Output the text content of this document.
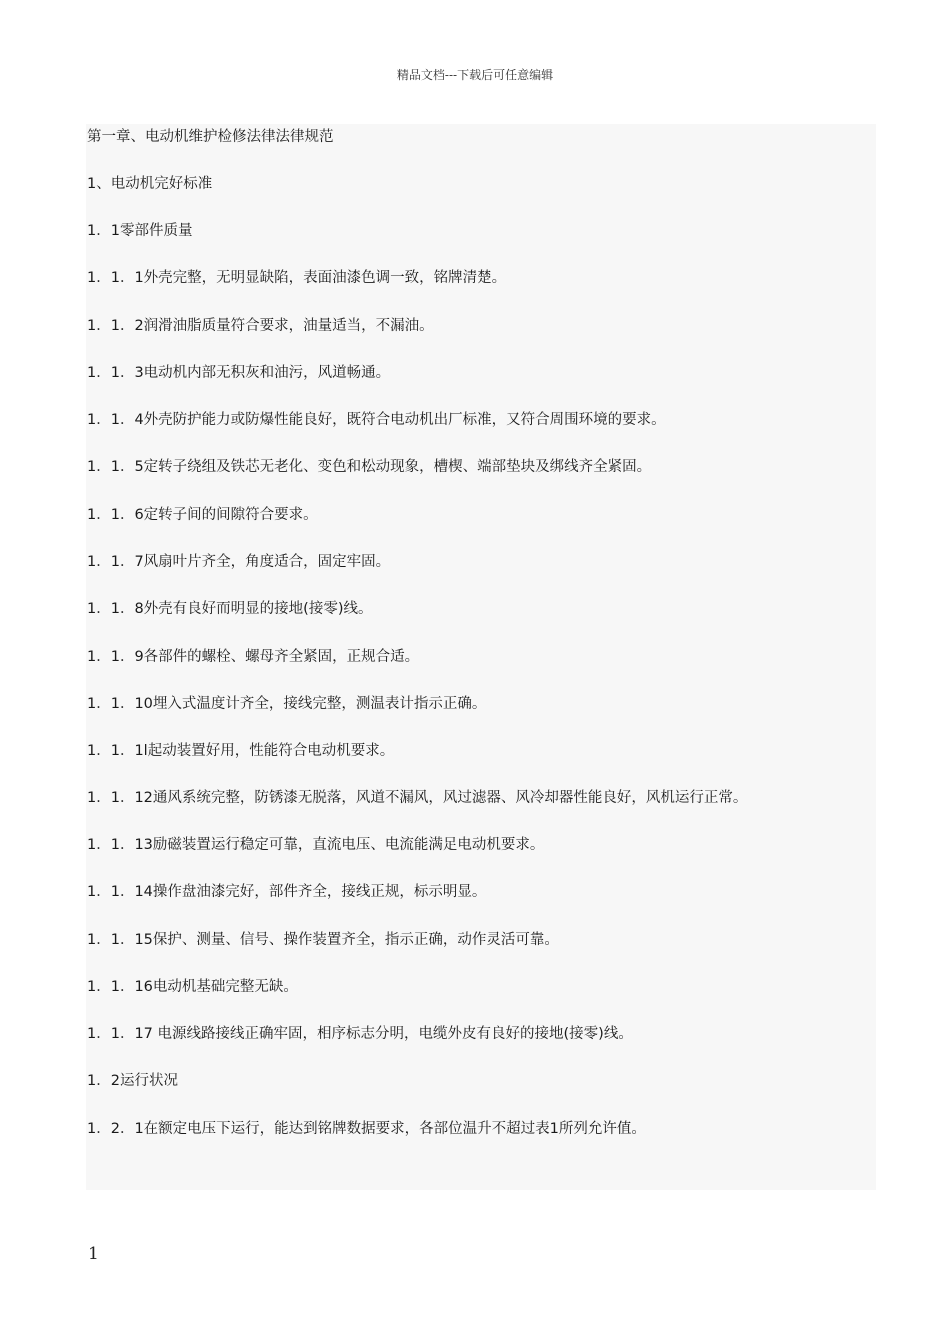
精品文档---下载后可任意编辑
第一章、电动机维护检修法律法律规范
1、电动机完好标准
1．1零部件质量
1．1．1外壳完整，无明显缺陷，表面油漆色调一致，铭牌清楚。
1．1．2润滑油脂质量符合要求，油量适当，不漏油。
1．1．3电动机内部无积灰和油污，风道畅通。
1．1．4外壳防护能力或防爆性能良好，既符合电动机出厂标准，又符合周围环境的要求。
1．1．5定转子绕组及铁芯无老化、变色和松动现象，槽楔、端部垫块及绑线齐全紧固。
1．1．6定转子间的间隙符合要求。
1．1．7风扇叶片齐全，角度适合，固定牢固。
1．1．8外壳有良好而明显的接地(接零)线。
1．1．9各部件的螺栓、螺母齐全紧固，正规合适。
1．1．10埋入式温度计齐全，接线完整，测温表计指示正确。
1．1．1l起动装置好用，性能符合电动机要求。
1．1．12通风系统完整，防锈漆无脱落，风道不漏风，风过滤器、风冷却器性能良好，风机运行正常。
1．1．13励磁装置运行稳定可靠，直流电压、电流能满足电动机要求。
1．1．14操作盘油漆完好，部件齐全，接线正规，标示明显。
1．1．15保护、测量、信号、操作装置齐全，指示正确，动作灵活可靠。
1．1．16电动机基础完整无缺。
1．1．17 电源线路接线正确牢固，相序标志分明，电缆外皮有良好的接地(接零)线。
1．2运行状况
1．2．1在额定电压下运行，能达到铭牌数据要求，各部位温升不超过表1所列允许值。
1
